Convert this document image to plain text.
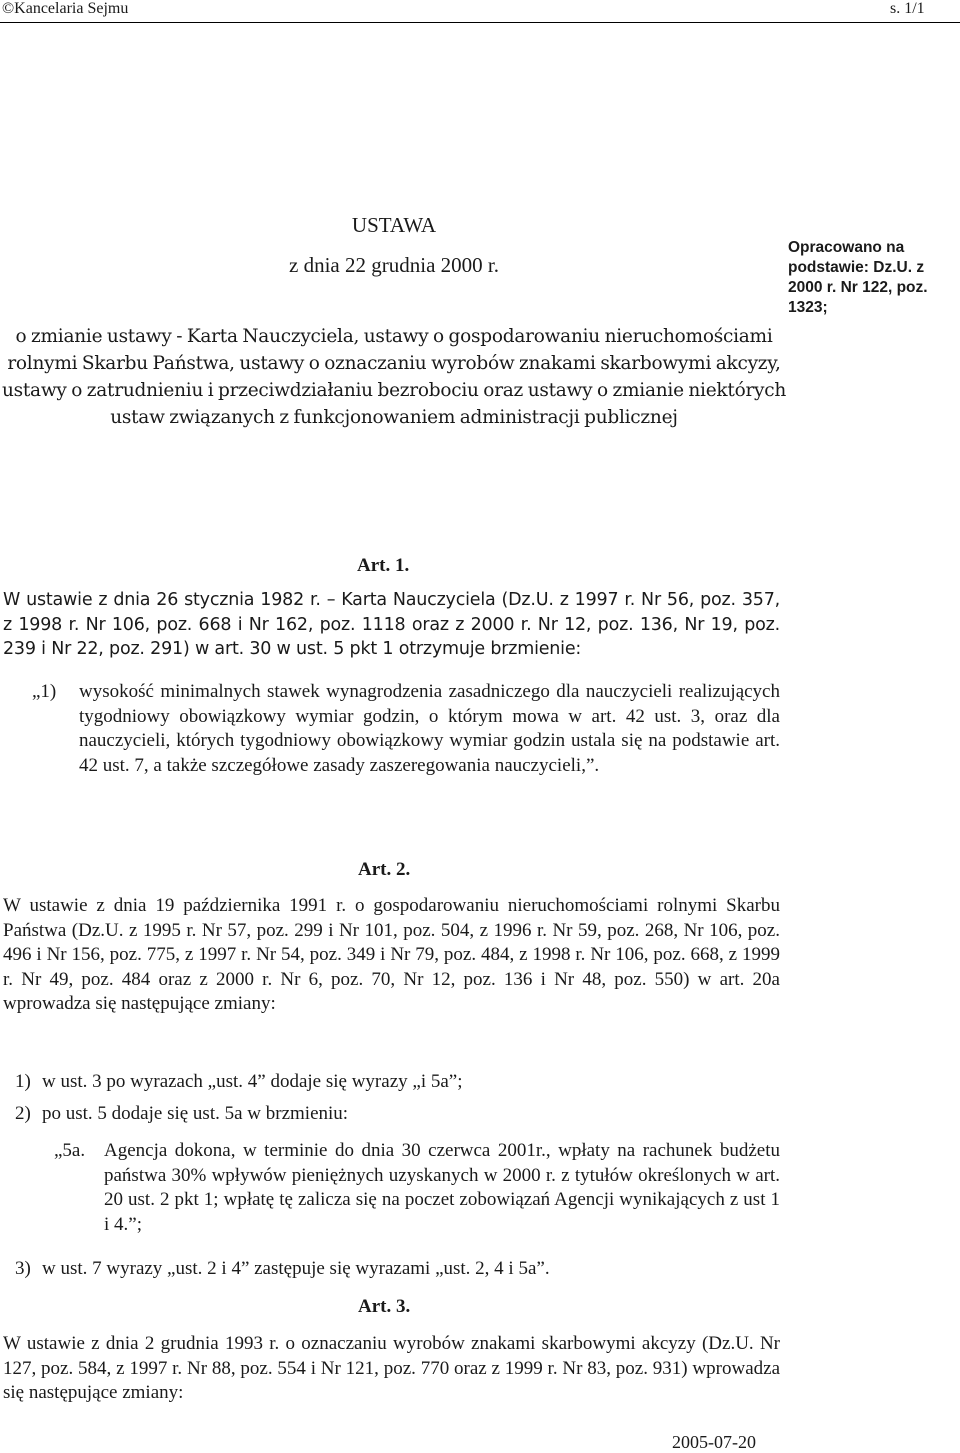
©Kancelaria Sejmu	s. 1/1
USTAWA
z dnia 22 grudnia 2000 r.
Opracowano na podstawie: Dz.U. z 2000 r. Nr 122, poz. 1323;
o zmianie ustawy - Karta Nauczyciela, ustawy o gospodarowaniu nieruchomościami rolnymi Skarbu Państwa, ustawy o oznaczaniu wyrobów znakami skarbowymi akcyzy, ustawy o zatrudnieniu i przeciwdziałaniu bezrobociu oraz ustawy o zmianie niektórych ustaw związanych z funkcjonowaniem administracji publicznej
Art. 1.
W ustawie z dnia 26 stycznia 1982 r. – Karta Nauczyciela (Dz.U. z 1997 r. Nr 56, poz. 357, z 1998 r. Nr 106, poz. 668 i Nr 162, poz. 1118 oraz z 2000 r. Nr 12, poz. 136, Nr 19, poz. 239 i Nr 22, poz. 291) w art. 30 w ust. 5 pkt 1 otrzymuje brzmienie:
„1) wysokość minimalnych stawek wynagrodzenia zasadniczego dla nauczycieli realizujących tygodniowy obowiązkowy wymiar godzin, o którym mowa w art. 42 ust. 3, oraz dla nauczycieli, których tygodniowy obowiązkowy wymiar godzin ustala się na podstawie art. 42 ust. 7, a także szczegółowe zasady zaszeregowania nauczycieli,”.
Art. 2.
W ustawie z dnia 19 października 1991 r. o gospodarowaniu nieruchomościami rolnymi Skarbu Państwa (Dz.U. z 1995 r. Nr 57, poz. 299 i Nr 101, poz. 504, z 1996 r. Nr 59, poz. 268, Nr 106, poz. 496 i Nr 156, poz. 775, z 1997 r. Nr 54, poz. 349 i Nr 79, poz. 484, z 1998 r. Nr 106, poz. 668, z 1999 r. Nr 49, poz. 484 oraz z 2000 r. Nr 6, poz. 70, Nr 12, poz. 136 i Nr 48, poz. 550) w art. 20a wprowadza się następujące zmiany:
1) w ust. 3 po wyrazach „ust. 4” dodaje się wyrazy „i 5a”;
2) po ust. 5 dodaje się ust. 5a w brzmieniu:
„5a. Agencja dokona, w terminie do dnia 30 czerwca 2001r., wpłaty na rachunek budżetu państwa 30% wpływów pieniężnych uzyskanych w 2000 r. z tytułów określonych w art. 20 ust. 2 pkt 1; wpłatę tę zalicza się na poczet zobowiązań Agencji wynikających z ust 1 i 4.”;
3) w ust. 7 wyrazy „ust. 2 i 4” zastępuje się wyrazami „ust. 2, 4 i 5a”.
Art. 3.
W ustawie z dnia 2 grudnia 1993 r. o oznaczaniu wyrobów znakami skarbowymi akcyzy (Dz.U. Nr 127, poz. 584, z 1997 r. Nr 88, poz. 554 i Nr 121, poz. 770 oraz z 1999 r. Nr 83, poz. 931) wprowadza się następujące zmiany:
2005-07-20
